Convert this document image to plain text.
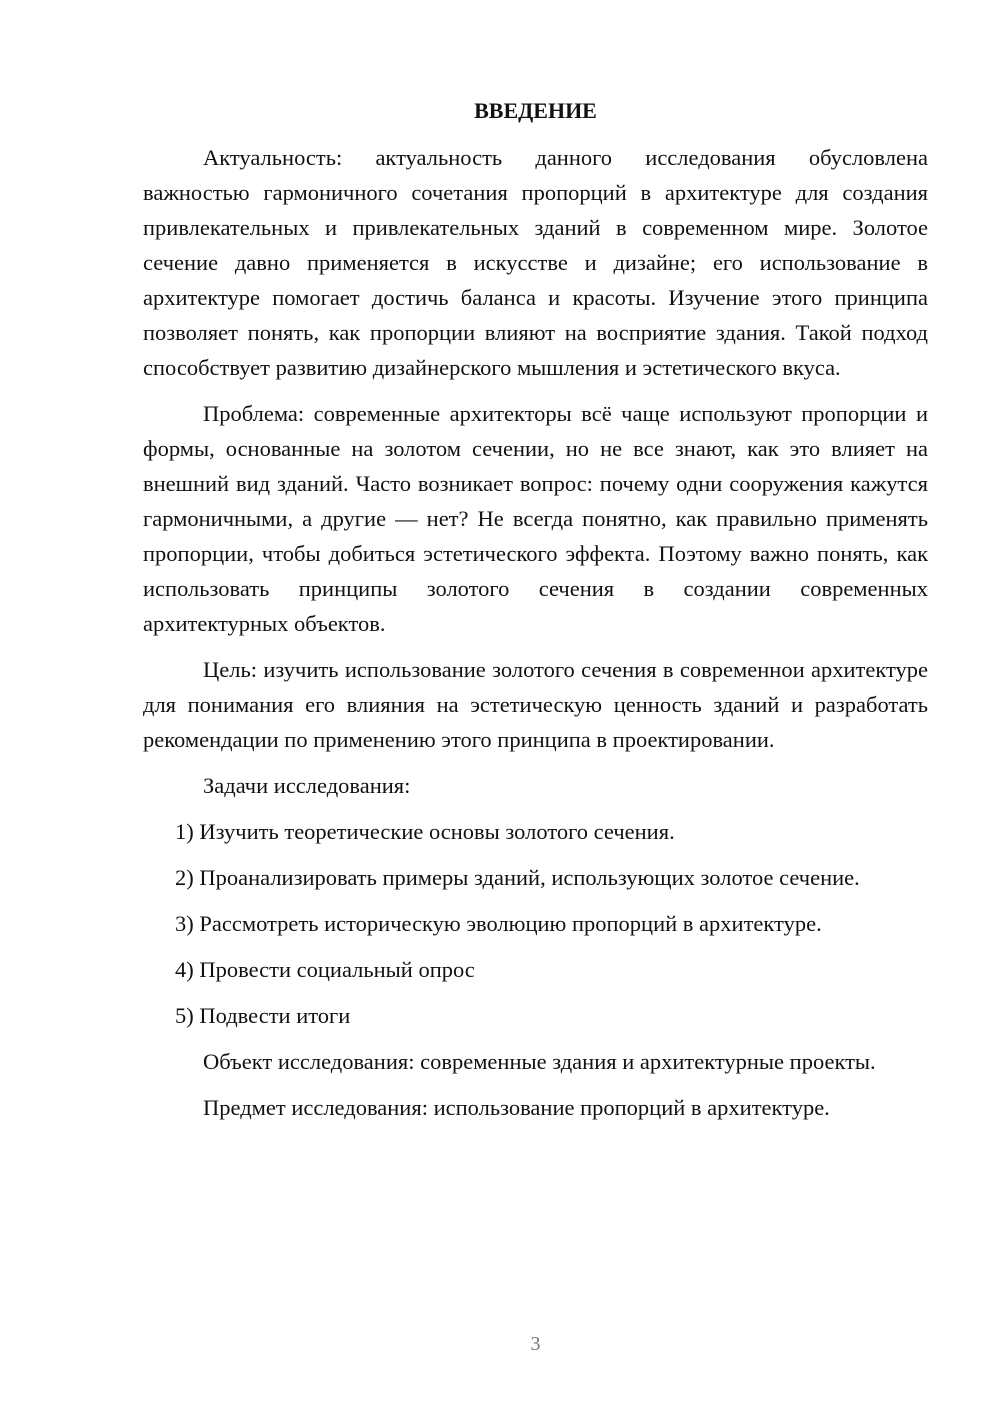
ВВЕДЕНИЕ

Актуальность: актуальность данного исследования обусловлена важностью гармоничного сочетания пропорций в архитектуре для создания привлекательных и привлекательных зданий в современном мире. Золотое сечение давно применяется в искусстве и дизайне; его использование в архитектуре помогает достичь баланса и красоты. Изучение этого принципа позволяет понять, как пропорции влияют на восприятие здания. Такой подход способствует развитию дизайнерского мышления и эстетического вкуса.

Проблема: современные архитекторы всё чаще используют пропорции и формы, основанные на золотом сечении, но не все знают, как это влияет на внешний вид зданий. Часто возникает вопрос: почему одни сооружения кажутся гармоничными, а другие — нет? Не всегда понятно, как правильно применять пропорции, чтобы добиться эстетического эффекта. Поэтому важно понять, как использовать принципы золотого сечения в создании современных архитектурных объектов.

Цель: изучить использование золотого сечения в современнои архитектуре для понимания его влияния на эстетическую ценность зданий и разработать рекомендации по применению этого принципа в проектировании.

Задачи исследования:

1) Изучить теоретические основы золотого сечения.

2) Проанализировать примеры зданий, использующих золотое сечение.

3) Рассмотреть историческую эволюцию пропорций в архитектуре.

4) Провести социальный опрос

5) Подвести итоги

Объект исследования: современные здания и архитектурные проекты.

Предмет исследования: использование пропорций в архитектуре.

3
